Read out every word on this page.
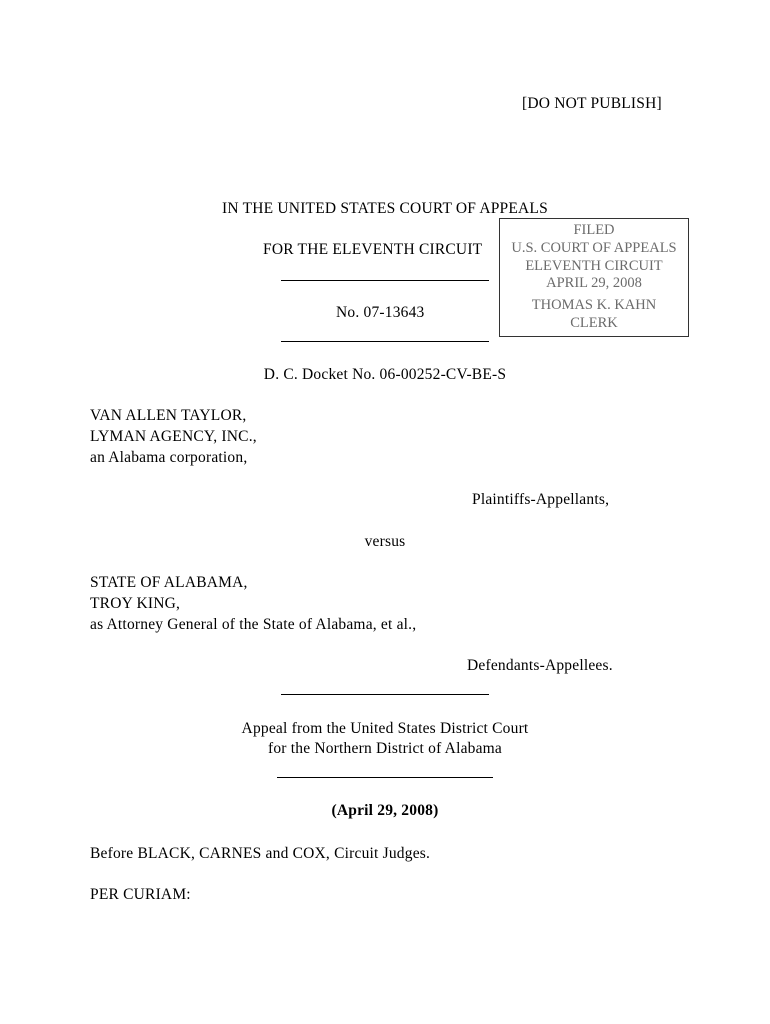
[DO NOT PUBLISH]
IN THE UNITED STATES COURT OF APPEALS
FOR THE ELEVENTH CIRCUIT
No. 07-13643
FILED
U.S. COURT OF APPEALS
ELEVENTH CIRCUIT
APRIL 29, 2008
THOMAS K. KAHN
CLERK
D. C. Docket No. 06-00252-CV-BE-S
VAN ALLEN TAYLOR,
LYMAN AGENCY, INC.,
an Alabama corporation,
Plaintiffs-Appellants,
versus
STATE OF ALABAMA,
TROY KING,
as Attorney General of the State of Alabama, et al.,
Defendants-Appellees.
Appeal from the United States District Court
for the Northern District of Alabama
(April 29, 2008)
Before BLACK, CARNES and COX, Circuit Judges.
PER CURIAM:
